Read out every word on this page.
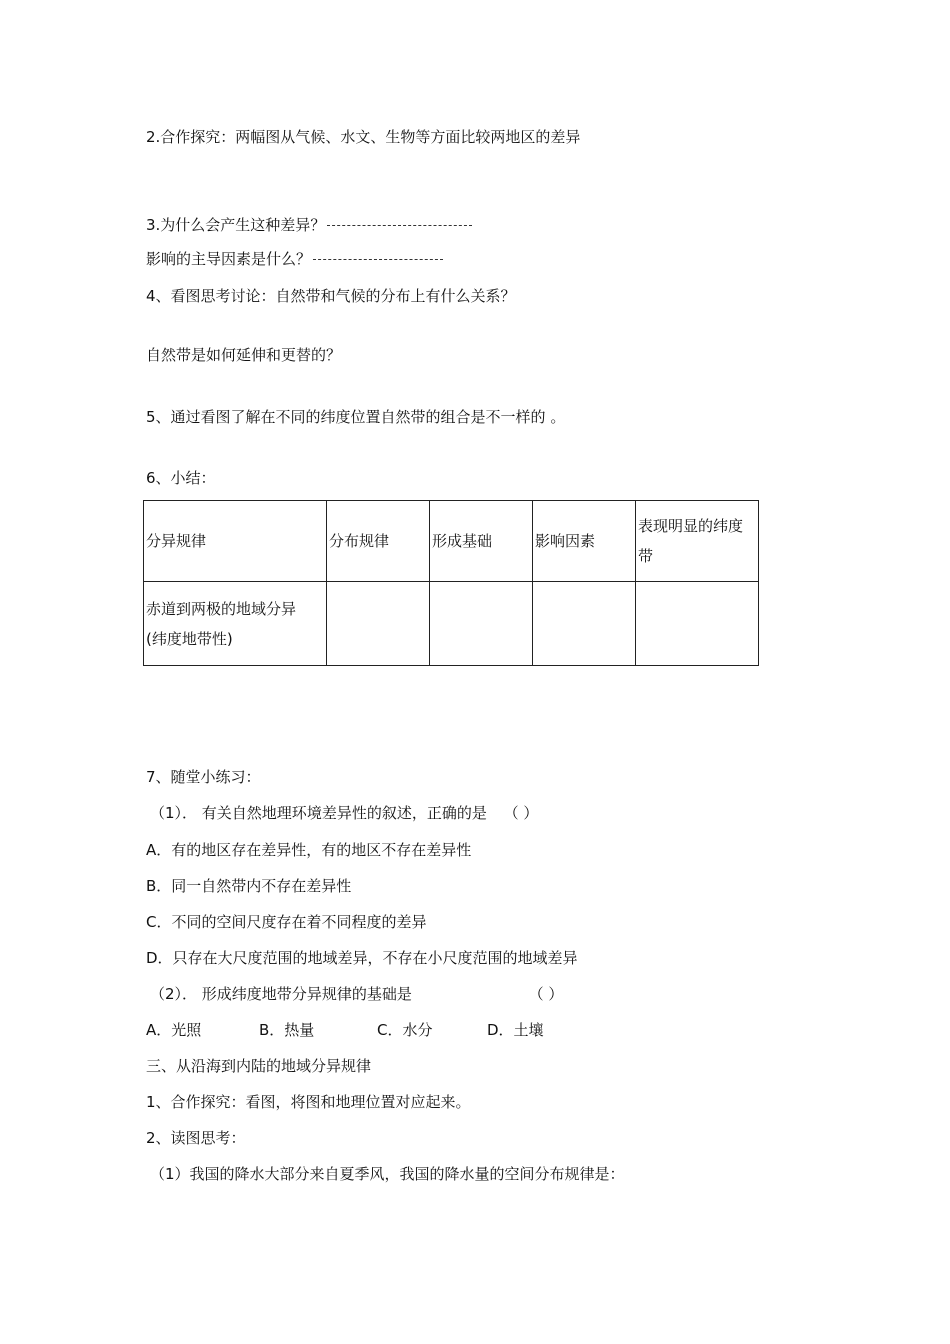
2.合作探究：两幅图从气候、水文、生物等方面比较两地区的差异
3.为什么会产生这种差异？
影响的主导因素是什么？
4、看图思考讨论：自然带和气候的分布上有什么关系？
自然带是如何延伸和更替的？
5、通过看图了解在不同的纬度位置自然带的组合是不一样的 。
6、小结：
分异规律	分布规律	形成基础	影响因素	表现明显的纬度带

赤道到两极的地域分异
(纬度地带性)				

7、随堂小练习：
（1）． 有关自然地理环境差异性的叙述，正确的是 （ ）
A．有的地区存在差异性，有的地区不存在差异性
B．同一自然带内不存在差异性
C．不同的空间尺度存在着不同程度的差异
D．只存在大尺度范围的地域差异，不存在小尺度范围的地域差异
（2）． 形成纬度地带分异规律的基础是	（ ）
A．光照	B．热量	C．水分	D．土壤
三、从沿海到内陆的地域分异规律
1、合作探究：看图，将图和地理位置对应起来。
2、读图思考：
（1）我国的降水大部分来自夏季风，我国的降水量的空间分布规律是：
